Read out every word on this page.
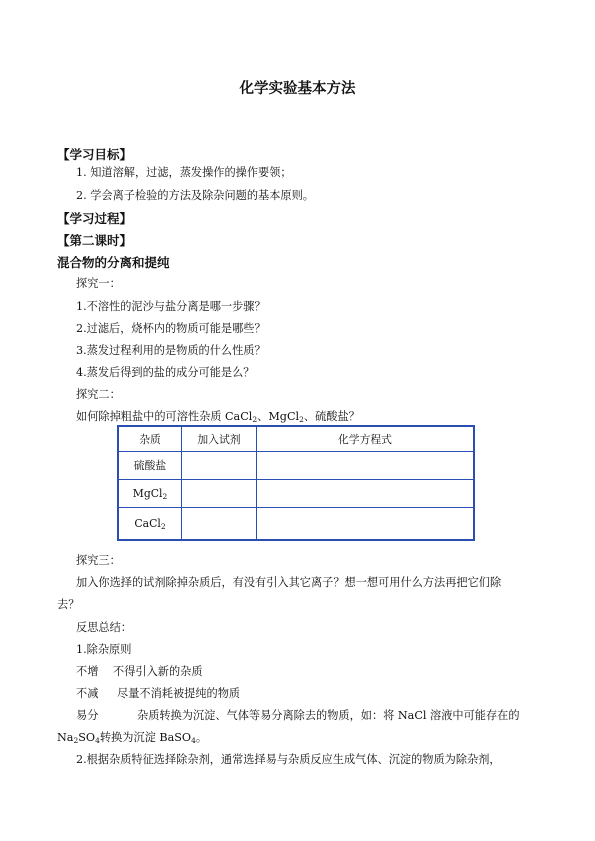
化学实验基本方法
【学习目标】
1. 知道溶解，过滤，蒸发操作的操作要领；
2. 学会离子检验的方法及除杂问题的基本原则。
【学习过程】
【第二课时】
混合物的分离和提纯
探究一：
1.不溶性的泥沙与盐分离是哪一步骤？
2.过滤后，烧杯内的物质可能是哪些？
3.蒸发过程利用的是物质的什么性质？
4.蒸发后得到的盐的成分可能是么？
探究二：
如何除掉粗盐中的可溶性杂质 CaCl$_2$、MgCl$_2$、硫酸盐？
杂质	加入试剂	化学方程式
硫酸盐		
MgCl$_2$		
CaCl$_2$		
探究三：
加入你选择的试剂除掉杂质后，有没有引入其它离子？想一想可用什么方法再把它们除
去？
反思总结：
1.除杂原则
不增 不得引入新的杂质
不减 尽量不消耗被提纯的物质
易分	杂质转换为沉淀、气体等易分离除去的物质，如：将 NaCl 溶液中可能存在的
$Na_2SO_4$转换为沉淀 BaSO$_4$。
2.根据杂质特征选择除杂剂，通常选择易与杂质反应生成气体、沉淀的物质为除杂剂，
